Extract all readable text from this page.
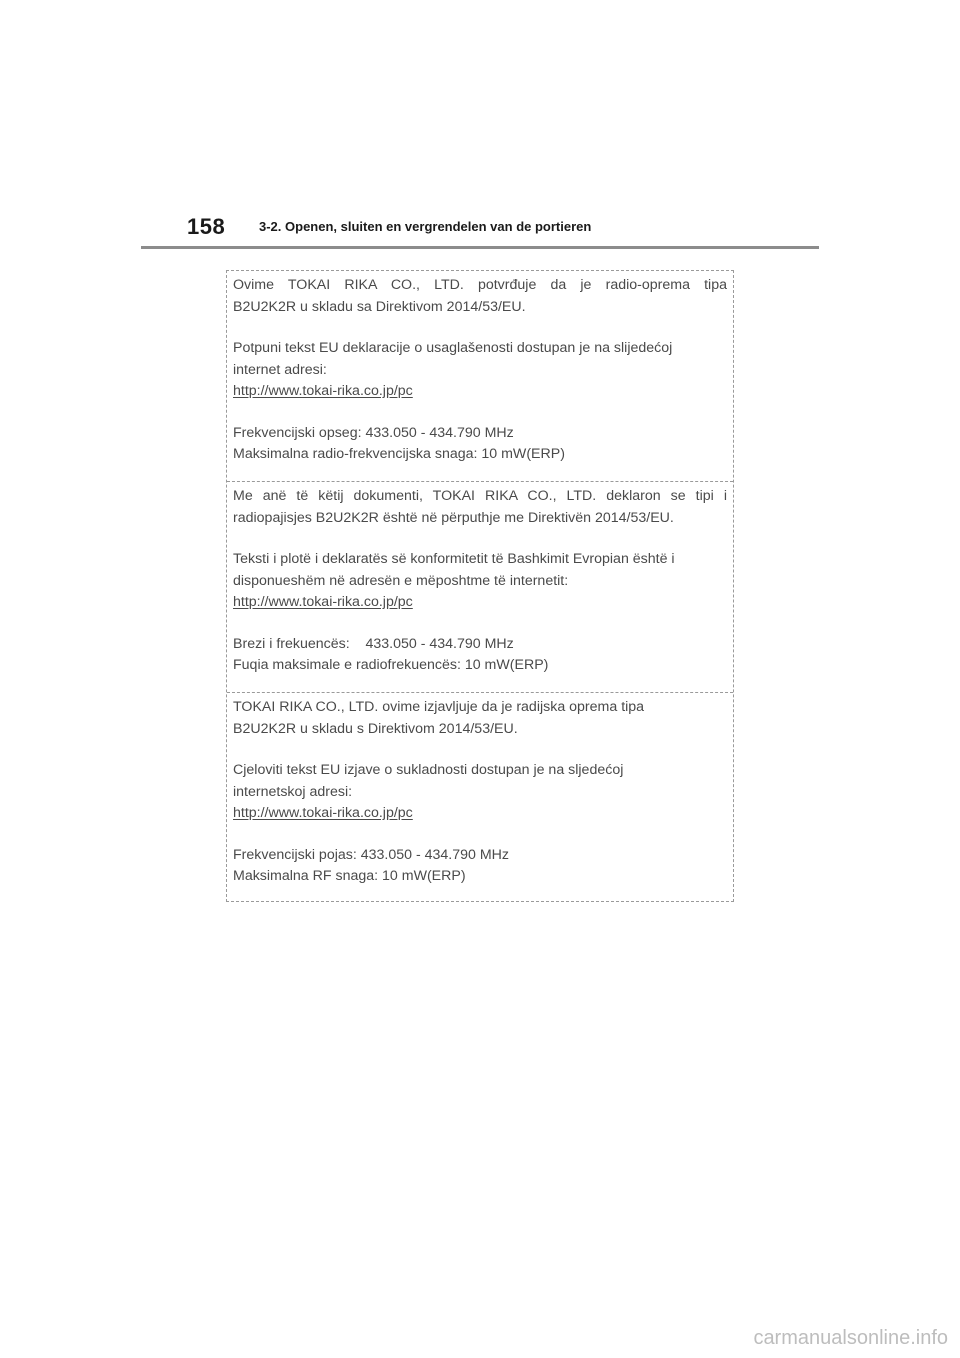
158	3-2. Openen, sluiten en vergrendelen van de portieren
Ovime TOKAI RIKA CO., LTD. potvrđuje da je radio-oprema tipa
B2U2K2R u skladu sa Direktivom 2014/53/EU.
Potpuni tekst EU deklaracije o usaglašenosti dostupan je na slijedećoj
internet adresi:
http://www.tokai-rika.co.jp/pc
Frekvencijski opseg: 433.050 - 434.790 MHz
Maksimalna radio-frekvencijska snaga: 10 mW(ERP)
Me anë të këtij dokumenti, TOKAI RIKA CO., LTD. deklaron se tipi i
radiopajisjes B2U2K2R është në përputhje me Direktivën 2014/53/EU.
Teksti i plotë i deklaratës së konformitetit të Bashkimit Evropian është i
disponueshëm në adresën e mëposhtme të internetit:
http://www.tokai-rika.co.jp/pc
Brezi i frekuencës:    433.050 - 434.790 MHz
Fuqia maksimale e radiofrekuencës: 10 mW(ERP)
TOKAI RIKA CO., LTD. ovime izjavljuje da je radijska oprema tipa
B2U2K2R u skladu s Direktivom 2014/53/EU.
Cjeloviti tekst EU izjave o sukladnosti dostupan je na sljedećoj
internetskoj adresi:
http://www.tokai-rika.co.jp/pc
Frekvencijski pojas: 433.050 - 434.790 MHz
Maksimalna RF snaga: 10 mW(ERP)
carmanualsonline.info
